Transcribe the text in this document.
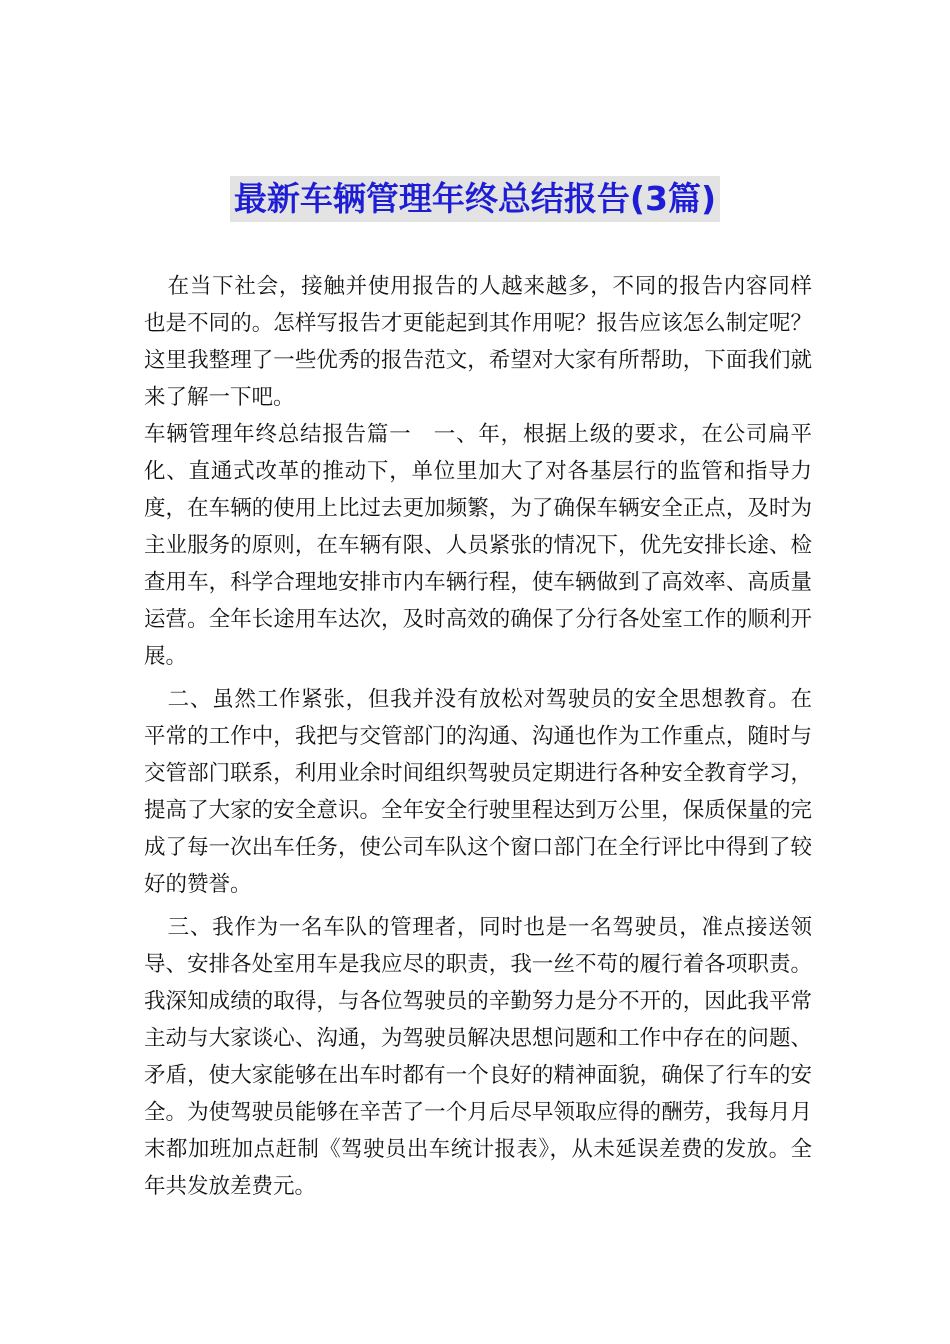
最新车辆管理年终总结报告(3篇)

在当下社会，接触并使用报告的人越来越多，不同的报告内容同样也是不同的。怎样写报告才更能起到其作用呢？报告应该怎么制定呢？这里我整理了一些优秀的报告范文，希望对大家有所帮助，下面我们就来了解一下吧。

车辆管理年终总结报告篇一　一、年，根据上级的要求，在公司扁平化、直通式改革的推动下，单位里加大了对各基层行的监管和指导力度，在车辆的使用上比过去更加频繁，为了确保车辆安全正点，及时为主业服务的原则，在车辆有限、人员紧张的情况下，优先安排长途、检查用车，科学合理地安排市内车辆行程，使车辆做到了高效率、高质量运营。全年长途用车达次，及时高效的确保了分行各处室工作的顺利开展。

二、虽然工作紧张，但我并没有放松对驾驶员的安全思想教育。在平常的工作中，我把与交管部门的沟通、沟通也作为工作重点，随时与交管部门联系，利用业余时间组织驾驶员定期进行各种安全教育学习，提高了大家的安全意识。全年安全行驶里程达到万公里，保质保量的完成了每一次出车任务，使公司车队这个窗口部门在全行评比中得到了较好的赞誉。

三、我作为一名车队的管理者，同时也是一名驾驶员，准点接送领导、安排各处室用车是我应尽的职责，我一丝不苟的履行着各项职责。我深知成绩的取得，与各位驾驶员的辛勤努力是分不开的，因此我平常主动与大家谈心、沟通，为驾驶员解决思想问题和工作中存在的问题、矛盾，使大家能够在出车时都有一个良好的精神面貌，确保了行车的安全。为使驾驶员能够在辛苦了一个月后尽早领取应得的酬劳，我每月月末都加班加点赶制《驾驶员出车统计报表》，从未延误差费的发放。全年共发放差费元。
